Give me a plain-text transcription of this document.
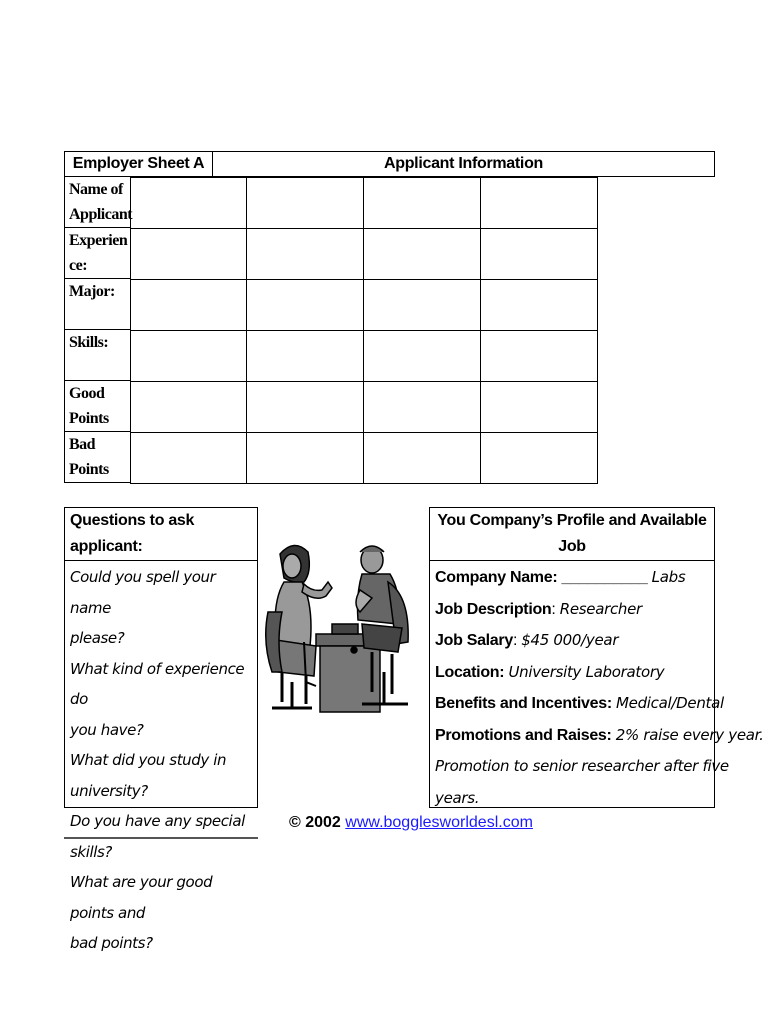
Employer Sheet A	Applicant Information
Name of
Applicant
Experien
ce:
Major:
Skills:
Good
Points
Bad
Points
Questions to ask applicant:
Could you spell your name
please?
What kind of experience do
you have?
What did you study in
university?
Do you have any special skills?
What are your good points and
bad points?
You Company’s Profile and Available Job
Company Name: __________ Labs
Job Description: Researcher
Job Salary: $45 000/year
Location: University Laboratory
Benefits and Incentives: Medical/Dental
Promotions and Raises: 2% raise every year.
Promotion to senior researcher after five
years.
© 2002 www.bogglesworldesl.com
